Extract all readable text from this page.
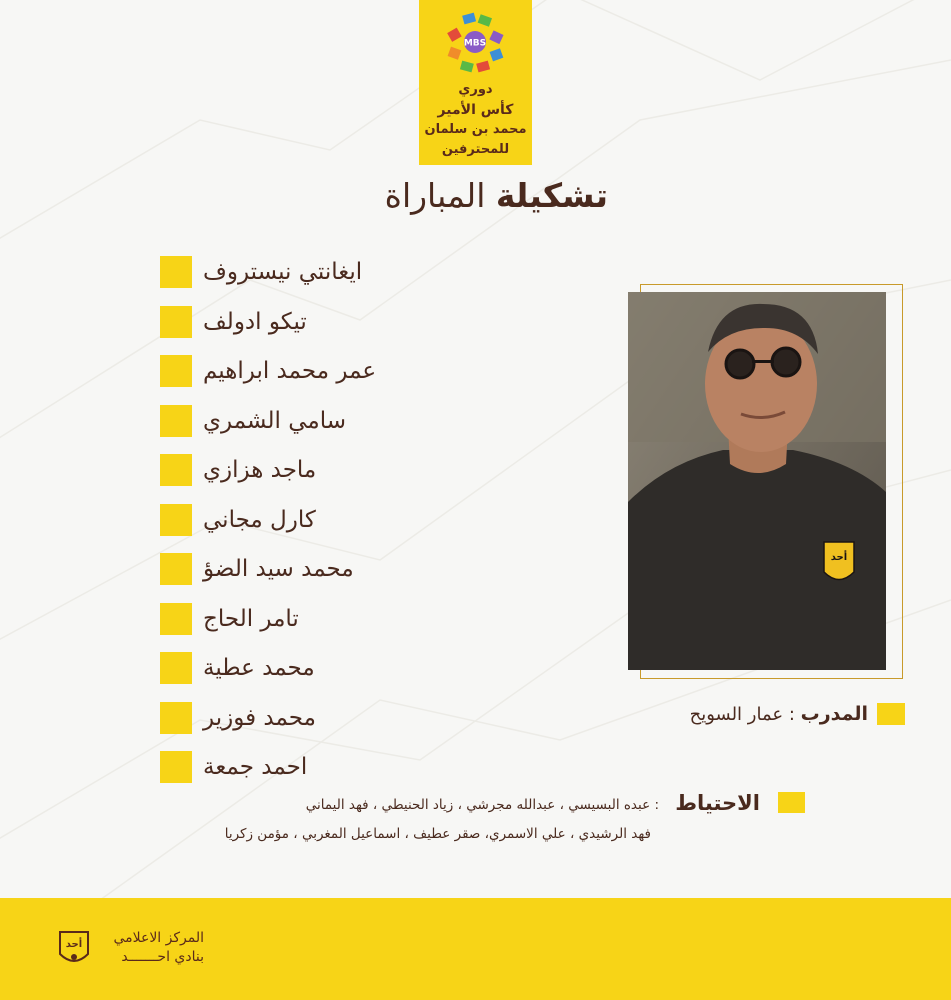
MBS
دوري
كأس الأمير
محمد بن سلمان
للمحترفين
تشكيلة المباراة
ايغانتي نيستروف
تيكو ادولف
عمر محمد ابراهيم
سامي الشمري
ماجد هزازي
كارل مجاني
محمد سيد الضؤ
تامر الحاج
محمد عطية
محمد فوزير
احمد جمعة
أحد
المدرب : عمار السويح
الاحتياط
: عبده البسيسي ، عبدالله مجرشي ، زياد الحنيطي ، فهد اليماني
فهد الرشيدي ، علي الاسمري، صقر عطيف ، اسماعيل المغربي ، مؤمن زكريا
أحد	المركز الاعلامي
بنادي احـــــــد
